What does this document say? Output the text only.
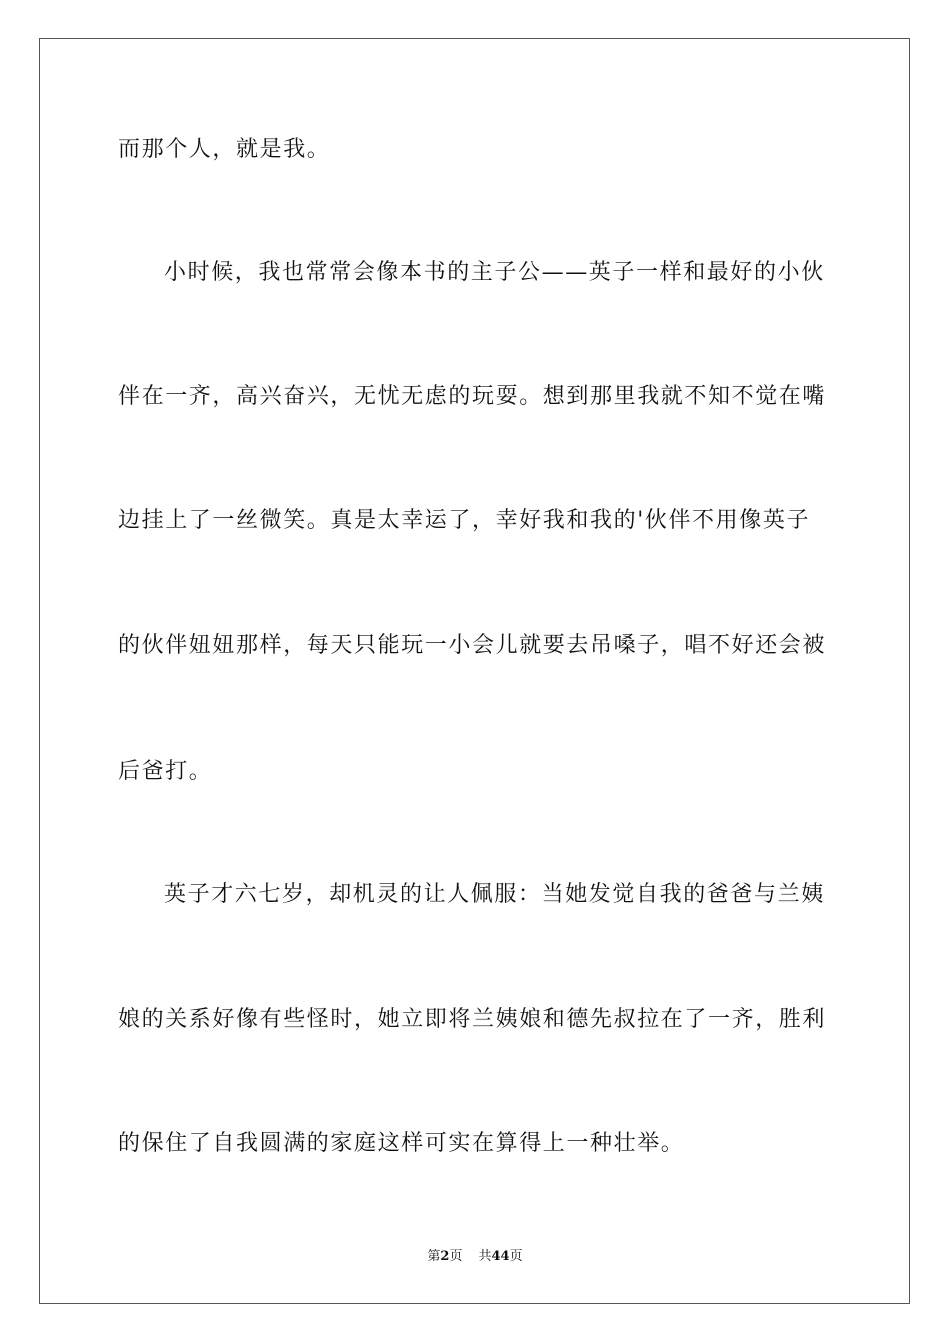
而那个人，就是我。
小时候，我也常常会像本书的主子公——英子一样和最好的小伙
伴在一齐，高兴奋兴，无忧无虑的玩耍。想到那里我就不知不觉在嘴
边挂上了一丝微笑。真是太幸运了，幸好我和我的'伙伴不用像英子
的伙伴妞妞那样，每天只能玩一小会儿就要去吊嗓子，唱不好还会被
后爸打。
英子才六七岁，却机灵的让人佩服：当她发觉自我的爸爸与兰姨
娘的关系好像有些怪时，她立即将兰姨娘和德先叔拉在了一齐，胜利
的保住了自我圆满的家庭这样可实在算得上一种壮举。
第2页 共44页
